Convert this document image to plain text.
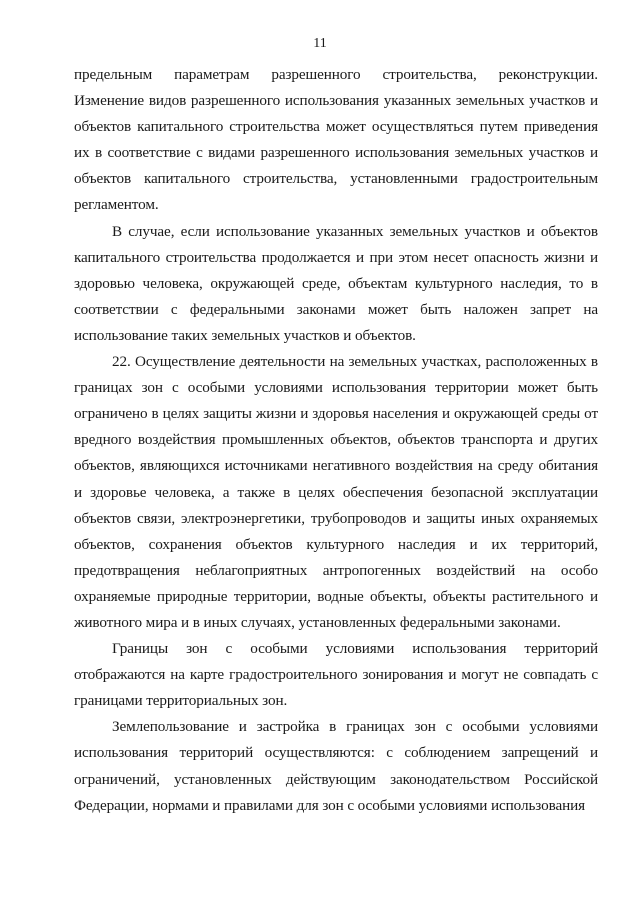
11

предельным параметрам разрешенного строительства, реконструкции. Изменение видов разрешенного использования указанных земельных участков и объектов капитального строительства может осуществляться путем приведения их в соответствие с видами разрешенного использования земельных участков и объектов капитального строительства, установленными градостроительным регламентом.

В случае, если использование указанных земельных участков и объектов капитального строительства продолжается и при этом несет опасность жизни и здоровью человека, окружающей среде, объектам культурного наследия, то в соответствии с федеральными законами может быть наложен запрет на использование таких земельных участков и объектов.

22. Осуществление деятельности на земельных участках, расположенных в границах зон с особыми условиями использования территории может быть ограничено в целях защиты жизни и здоровья населения и окружающей среды от вредного воздействия промышленных объектов, объектов транспорта и других объектов, являющихся источниками негативного воздействия на среду обитания и здоровье человека, а также в целях обеспечения безопасной эксплуатации объектов связи, электроэнергетики, трубопроводов и защиты иных охраняемых объектов, сохранения объектов культурного наследия и их территорий, предотвращения неблагоприятных антропогенных воздействий на особо охраняемые природные территории, водные объекты, объекты растительного и животного мира и в иных случаях, установленных федеральными законами.

Границы зон с особыми условиями использования территорий отображаются на карте градостроительного зонирования и могут не совпадать с границами территориальных зон.

Землепользование и застройка в границах зон с особыми условиями использования территорий осуществляются: с соблюдением запрещений и ограничений, установленных действующим законодательством Российской Федерации, нормами и правилами для зон с особыми условиями использования
